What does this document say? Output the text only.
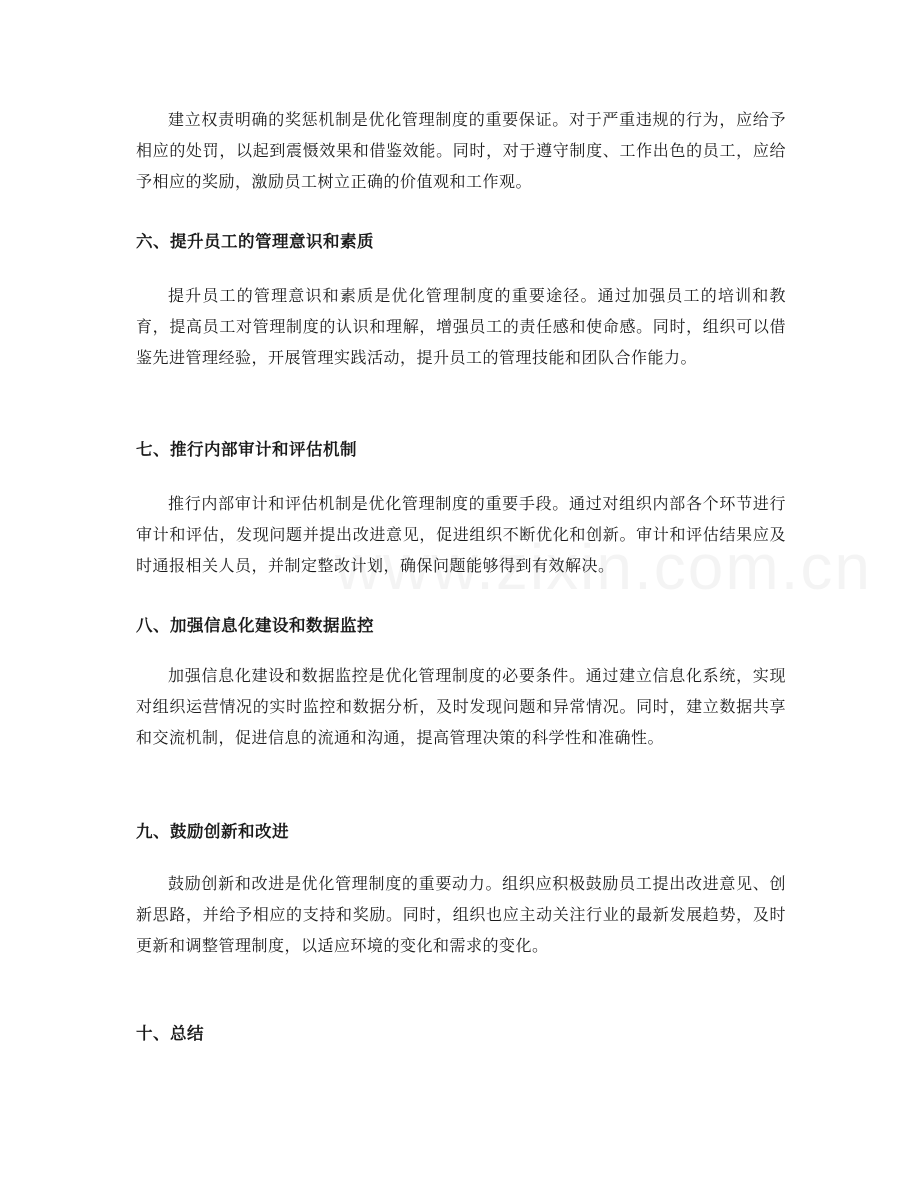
建立权责明确的奖惩机制是优化管理制度的重要保证。对于严重违规的行为，应给予相应的处罚，以起到震慑效果和借鉴效能。同时，对于遵守制度、工作出色的员工，应给予相应的奖励，激励员工树立正确的价值观和工作观。

六、提升员工的管理意识和素质

提升员工的管理意识和素质是优化管理制度的重要途径。通过加强员工的培训和教育，提高员工对管理制度的认识和理解，增强员工的责任感和使命感。同时，组织可以借鉴先进管理经验，开展管理实践活动，提升员工的管理技能和团队合作能力。

七、推行内部审计和评估机制

推行内部审计和评估机制是优化管理制度的重要手段。通过对组织内部各个环节进行审计和评估，发现问题并提出改进意见，促进组织不断优化和创新。审计和评估结果应及时通报相关人员，并制定整改计划，确保问题能够得到有效解决。

八、加强信息化建设和数据监控

加强信息化建设和数据监控是优化管理制度的必要条件。通过建立信息化系统，实现对组织运营情况的实时监控和数据分析，及时发现问题和异常情况。同时，建立数据共享和交流机制，促进信息的流通和沟通，提高管理决策的科学性和准确性。

九、鼓励创新和改进

鼓励创新和改进是优化管理制度的重要动力。组织应积极鼓励员工提出改进意见、创新思路，并给予相应的支持和奖励。同时，组织也应主动关注行业的最新发展趋势，及时更新和调整管理制度，以适应环境的变化和需求的变化。

十、总结
